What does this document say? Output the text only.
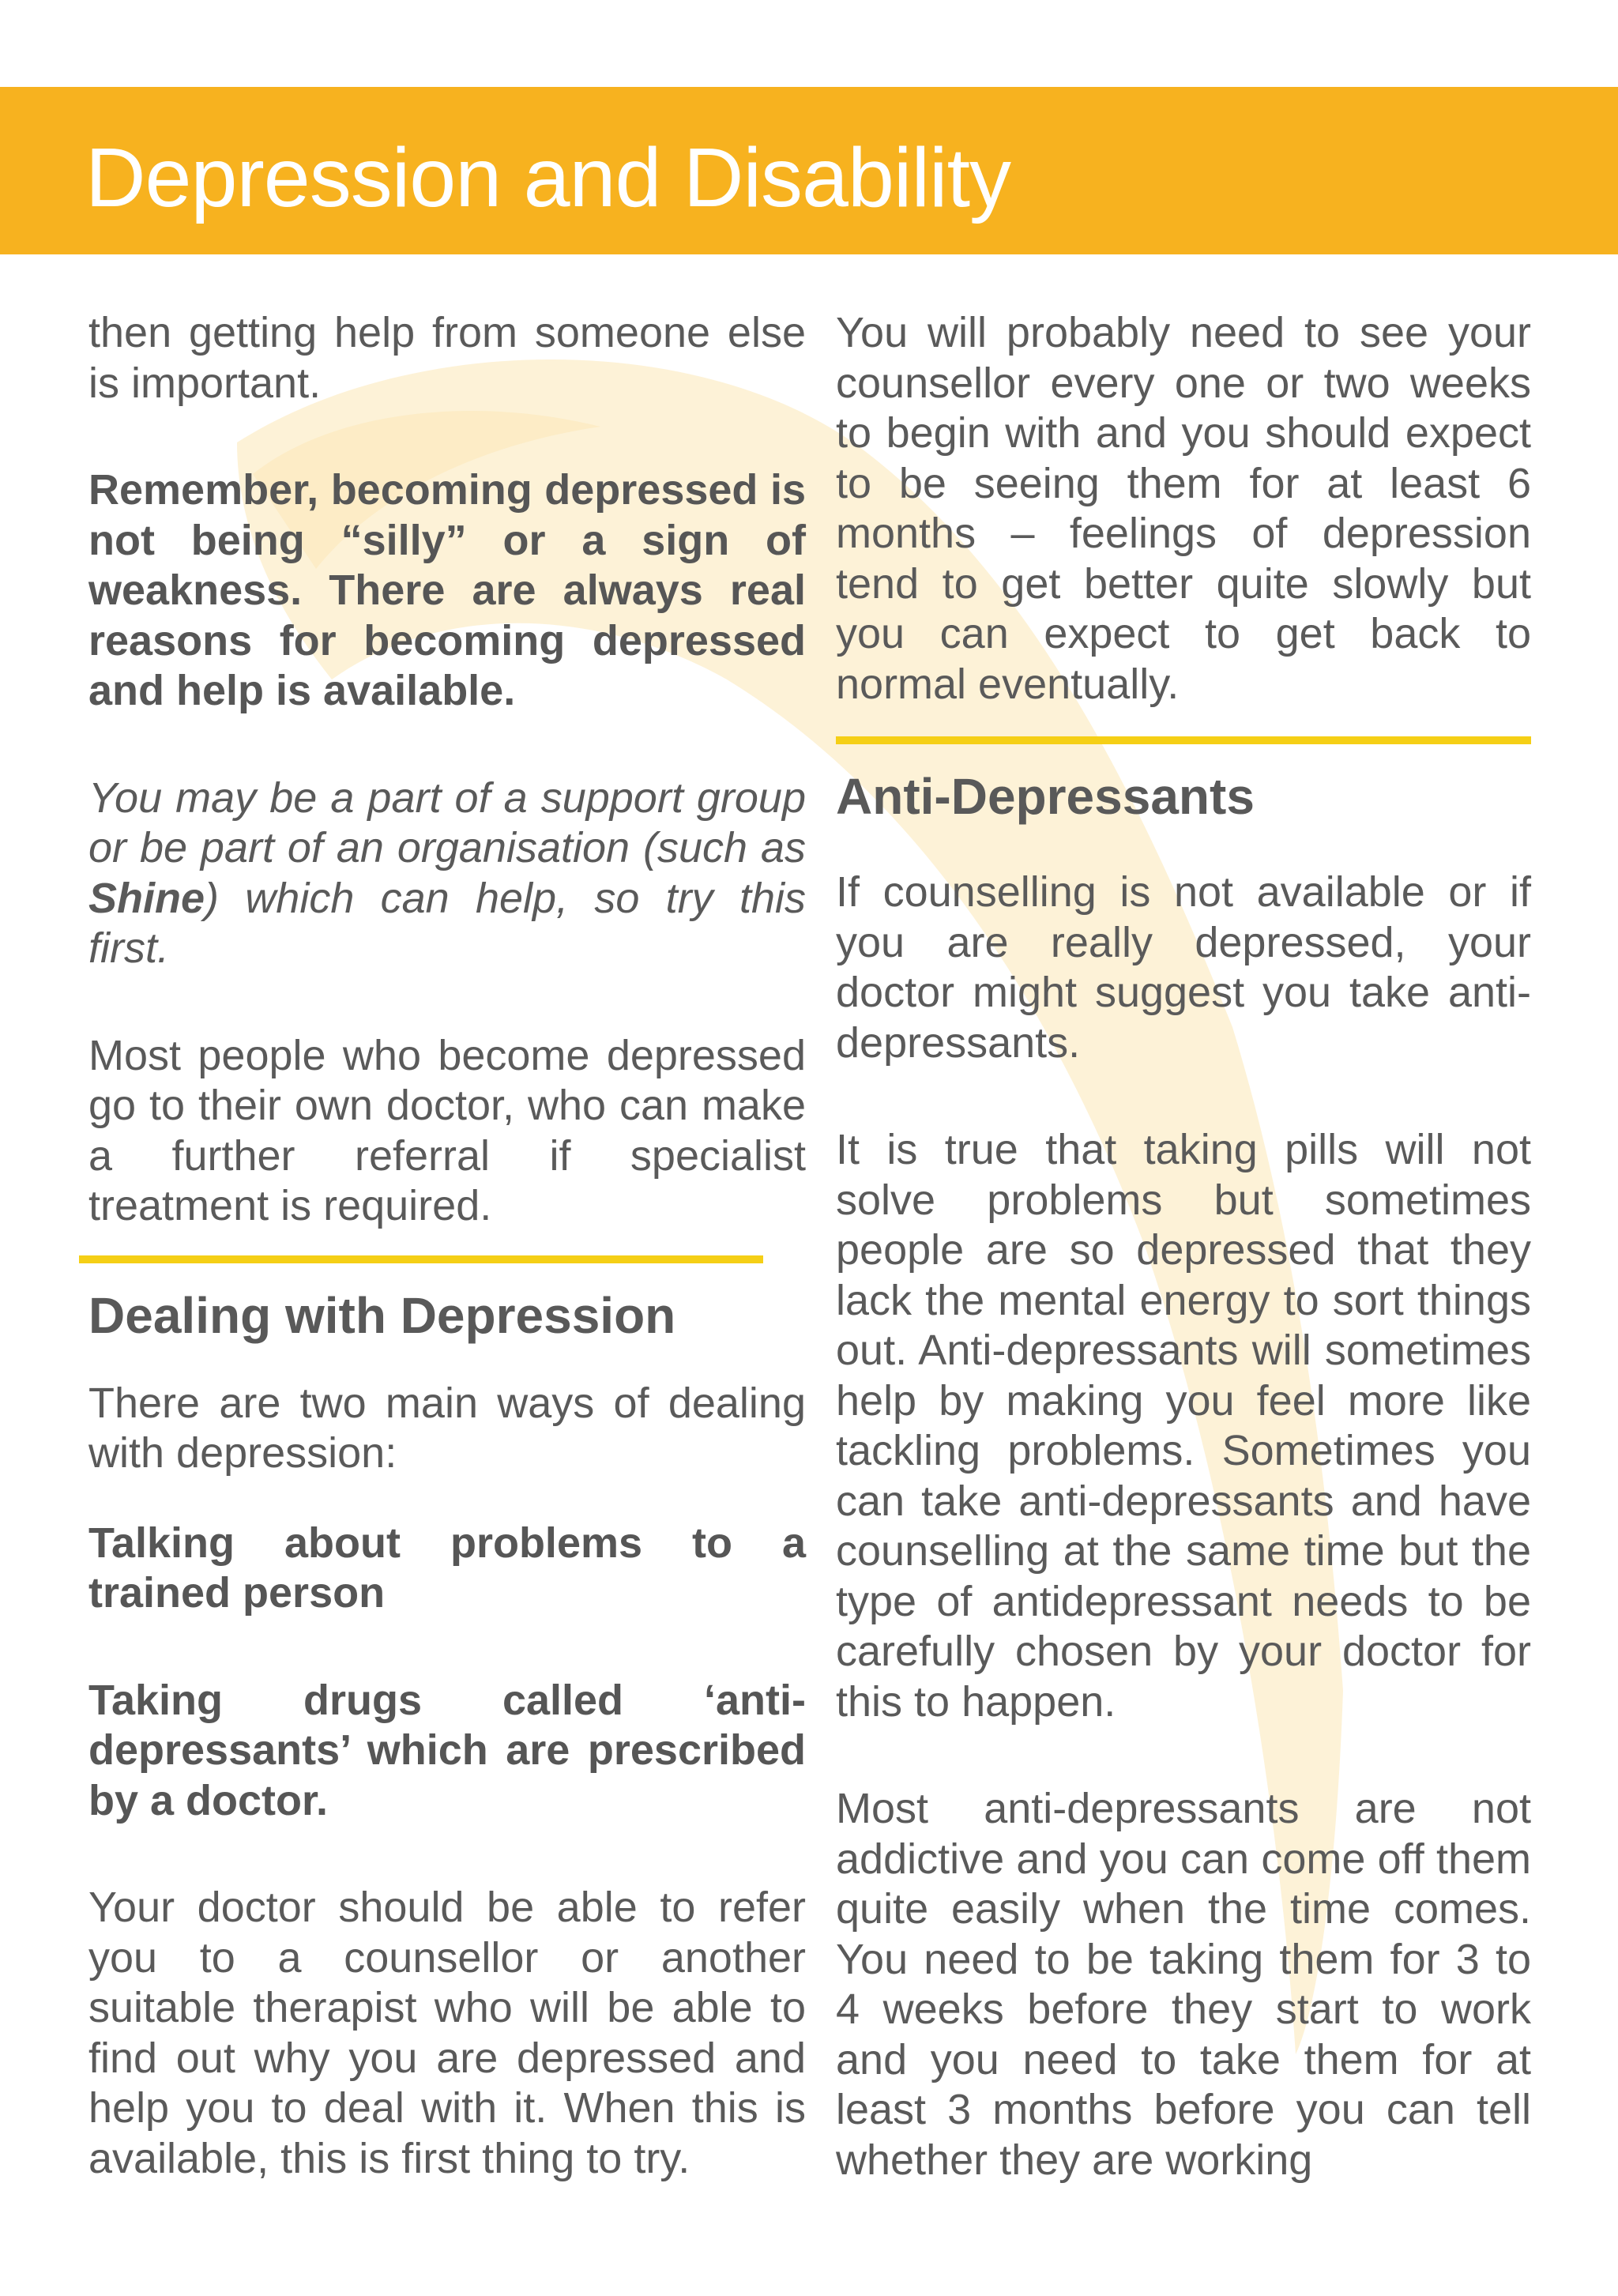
Depression and Disability

then getting help from someone else is important.

Remember, becoming depressed is not being “silly” or a sign of weakness. There are always real reasons for becoming depressed and help is available.

You may be a part of a support group or be part of an organisation (such as Shine) which can help, so try this first.

Most people who become depressed go to their own doctor, who can make a further referral if specialist treatment is required.

Dealing with Depression

There are two main ways of dealing with depression:

Talking about problems to a trained person

Taking drugs called ‘anti-depressants’ which are prescribed by a doctor.

Your doctor should be able to refer you to a counsellor or another suitable therapist who will be able to find out why you are depressed and help you to deal with it. When this is available, this is first thing to try.

You will probably need to see your counsellor every one or two weeks to begin with and you should expect to be seeing them for at least 6 months – feelings of depression tend to get better quite slowly but you can expect to get back to normal eventually.

Anti-Depressants

If counselling is not available or if you are really depressed, your doctor might suggest you take anti-depressants.

It is true that taking pills will not solve problems but sometimes people are so depressed that they lack the mental energy to sort things out. Anti-depressants will sometimes help by making you feel more like tackling problems. Sometimes you can take anti-depressants and have counselling at the same time but the type of antidepressant needs to be carefully chosen by your doctor for this to happen.

Most anti-depressants are not addictive and you can come off them quite easily when the time comes. You need to be taking them for 3 to 4 weeks before they start to work and you need to take them for at least 3 months before you can tell whether they are working
